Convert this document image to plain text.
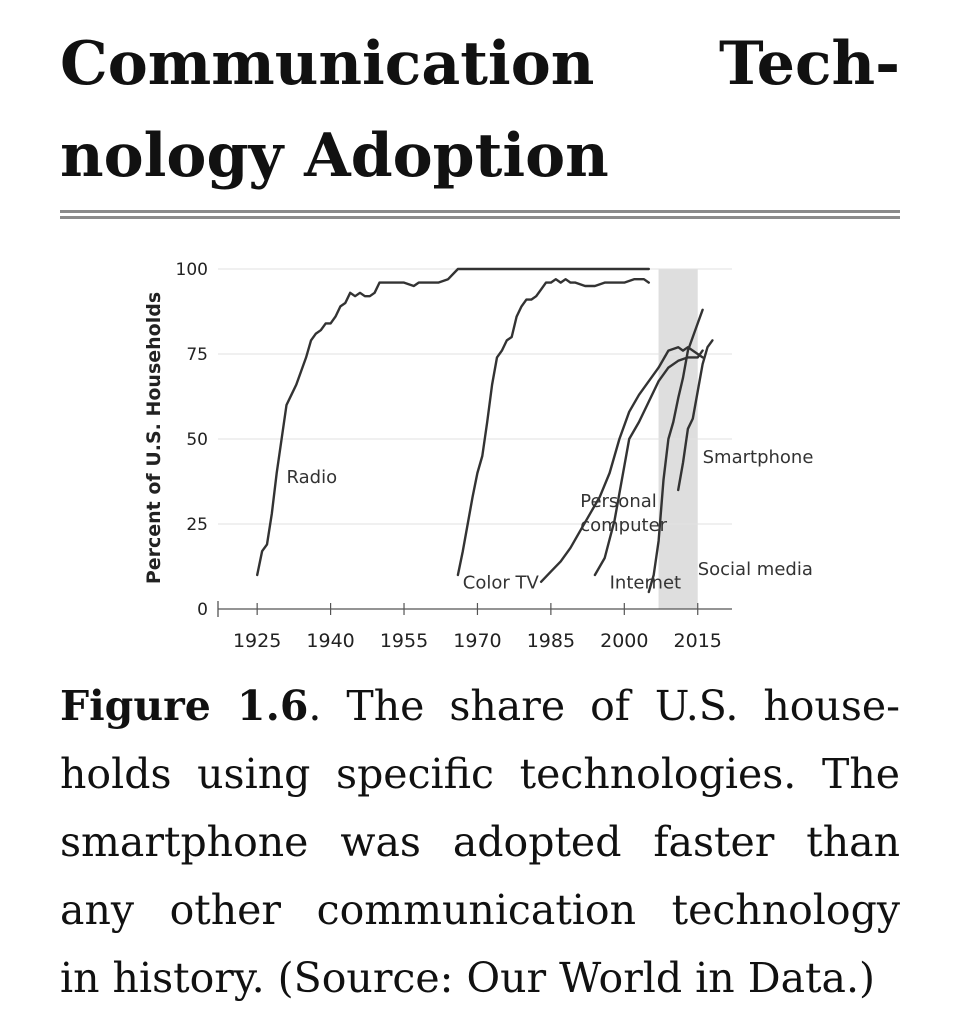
Communication Tech-
nology Adoption
1925 1940 1955 1970 1985 2000 2015
0
25
50
75
100
Percent of U.S. Households	Radio
Color TV
Personal
computer
Internet
Smartphone
Social media

Figure 1.6. The share of U.S. house-
holds using specific technologies. The
smartphone was adopted faster than
any other communication technology
in history. (Source: Our World in Data.)
